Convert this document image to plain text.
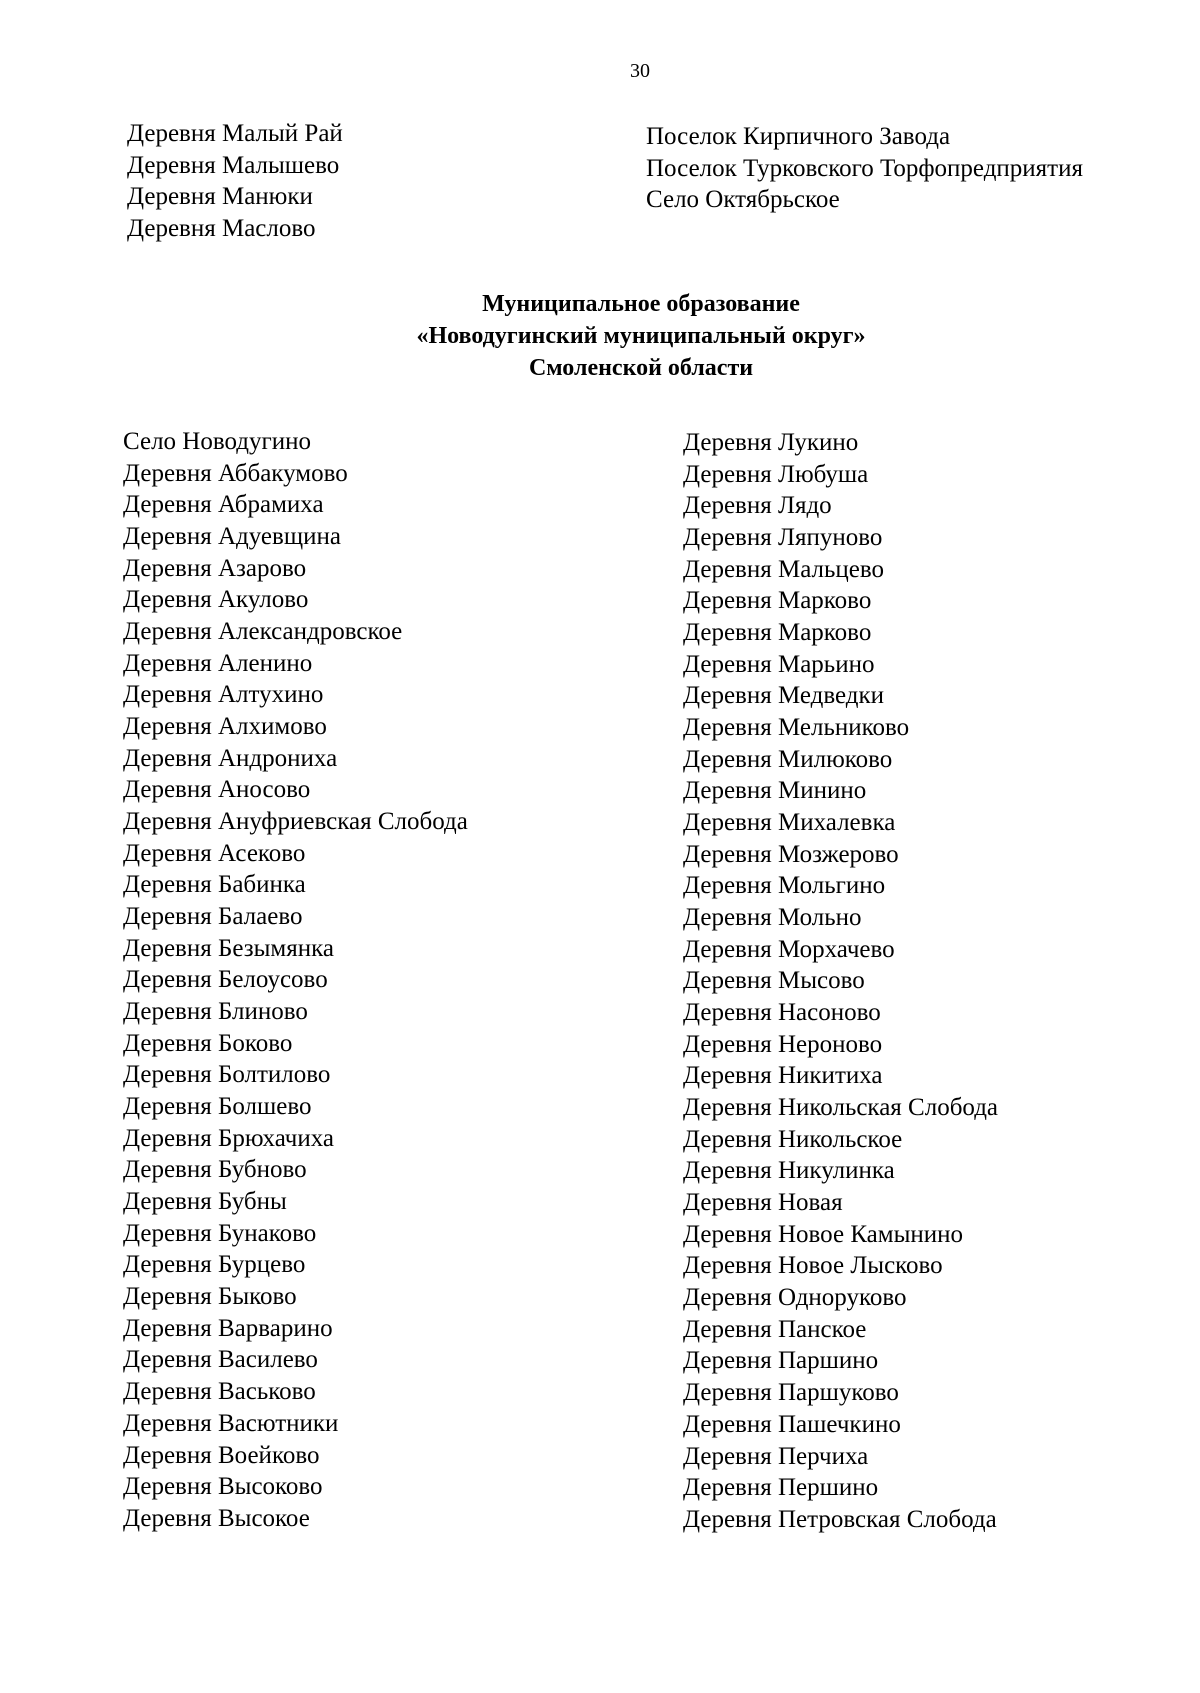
30
Деревня Малый Рай
Деревня Малышево
Деревня Манюки
Деревня Маслово
Поселок Кирпичного Завода
Поселок Турковского Торфопредприятия
Село Октябрьское
Муниципальное образование
«Новодугинский муниципальный округ»
Смоленской области
Село Новодугино
Деревня Аббакумово
Деревня Абрамиха
Деревня Адуевщина
Деревня Азарово
Деревня Акулово
Деревня Александровское
Деревня Аленино
Деревня Алтухино
Деревня Алхимово
Деревня Андрониха
Деревня Аносово
Деревня Ануфриевская Слобода
Деревня Асеково
Деревня Бабинка
Деревня Балаево
Деревня Безымянка
Деревня Белоусово
Деревня Блиново
Деревня Боково
Деревня Болтилово
Деревня Болшево
Деревня Брюхачиха
Деревня Бубново
Деревня Бубны
Деревня Бунаково
Деревня Бурцево
Деревня Быково
Деревня Варварино
Деревня Василево
Деревня Васьково
Деревня Васютники
Деревня Воейково
Деревня Высоково
Деревня Высокое
Деревня Лукино
Деревня Любуша
Деревня Лядо
Деревня Ляпуново
Деревня Мальцево
Деревня Марково
Деревня Марково
Деревня Марьино
Деревня Медведки
Деревня Мельниково
Деревня Милюково
Деревня Минино
Деревня Михалевка
Деревня Мозжерово
Деревня Мольгино
Деревня Мольно
Деревня Морхачево
Деревня Мысово
Деревня Насоново
Деревня Нероново
Деревня Никитиха
Деревня Никольская Слобода
Деревня Никольское
Деревня Никулинка
Деревня Новая
Деревня Новое Камынино
Деревня Новое Лысково
Деревня Одноруково
Деревня Панское
Деревня Паршино
Деревня Паршуково
Деревня Пашечкино
Деревня Перчиха
Деревня Першино
Деревня Петровская Слобода
